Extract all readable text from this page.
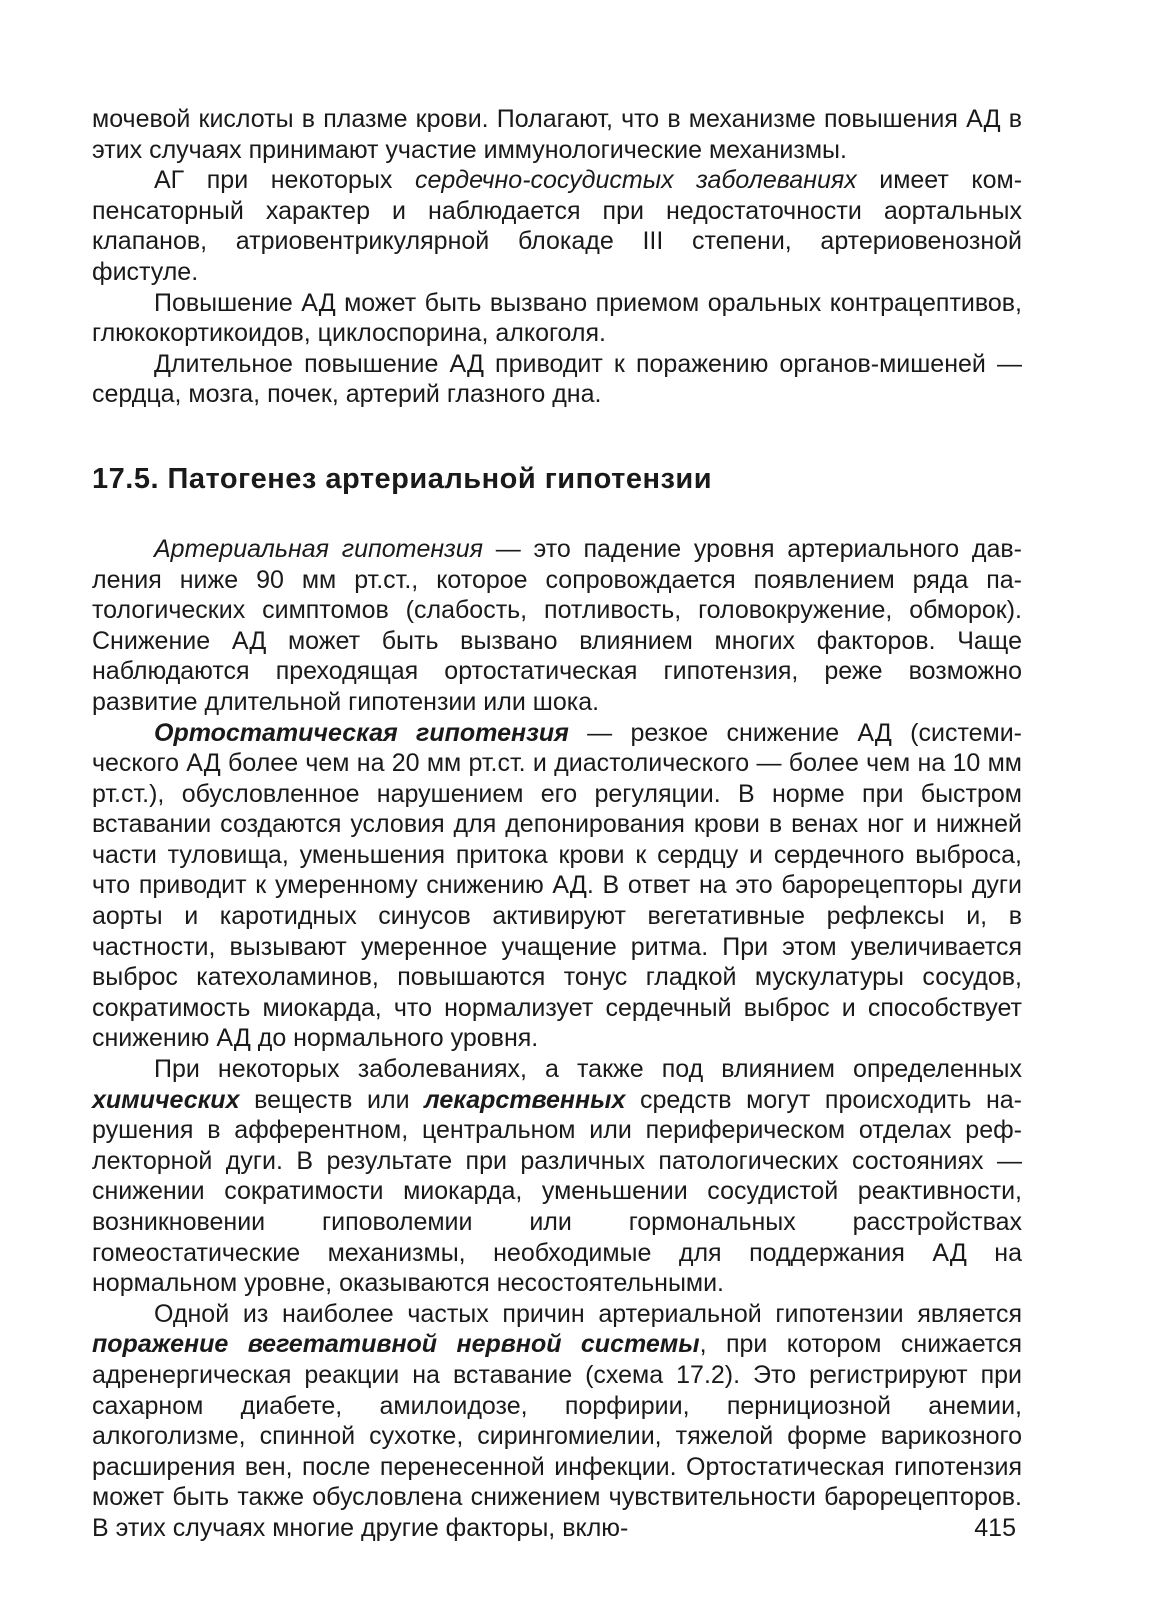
мочевой кислоты в плазме крови. Полагают, что в механизме повышения АД в этих случаях принимают участие иммунологические механизмы.

АГ при некоторых сердечно-сосудистых заболеваниях имеет компенсаторный характер и наблюдается при недостаточности аортальных клапанов, атриовентрикулярной блокаде III степени, артериовенозной фистуле.

Повышение АД может быть вызвано приемом оральных контрацептивов, глюкокортикоидов, циклоспорина, алкоголя.

Длительное повышение АД приводит к поражению органов-мишеней — сердца, мозга, почек, артерий глазного дна.

17.5. Патогенез артериальной гипотензии

Артериальная гипотензия — это падение уровня артериального давления ниже 90 мм рт.ст., которое сопровождается появлением ряда патологических симптомов (слабость, потливость, головокружение, обморок). Снижение АД может быть вызвано влиянием многих факторов. Чаще наблюдаются преходящая ортостатическая гипотензия, реже возможно развитие длительной гипотензии или шока.

Ортостатическая гипотензия — резкое снижение АД (системического АД более чем на 20 мм рт.ст. и диастолического — более чем на 10 мм рт.ст.), обусловленное нарушением его регуляции. В норме при быстром вставании создаются условия для депонирования крови в венах ног и нижней части туловища, уменьшения притока крови к сердцу и сердечного выброса, что приводит к умеренному снижению АД. В ответ на это барорецепторы дуги аорты и каротидных синусов активируют вегетативные рефлексы и, в частности, вызывают умеренное учащение ритма. При этом увеличивается выброс катехоламинов, повышаются тонус гладкой мускулатуры сосудов, сократимость миокарда, что нормализует сердечный выброс и способствует снижению АД до нормального уровня.

При некоторых заболеваниях, а также под влиянием определенных химических веществ или лекарственных средств могут происходить нарушения в афферентном, центральном или периферическом отделах рефлекторной дуги. В результате при различных патологических состояниях — снижении сократимости миокарда, уменьшении сосудистой реактивности, возникновении гиповолемии или гормональных расстройствах гомеостатические механизмы, необходимые для поддержания АД на нормальном уровне, оказываются несостоятельными.

Одной из наиболее частых причин артериальной гипотензии является поражение вегетативной нервной системы, при котором снижается адренергическая реакции на вставание (схема 17.2). Это регистрируют при сахарном диабете, амилоидозе, порфирии, пернициозной анемии, алкоголизме, спинной сухотке, сирингомиелии, тяжелой форме варикозного расширения вен, после перенесенной инфекции. Ортостатическая гипотензия может быть также обусловлена снижением чувствительности барорецепторов. В этих случаях многие другие факторы, вклю-	415
